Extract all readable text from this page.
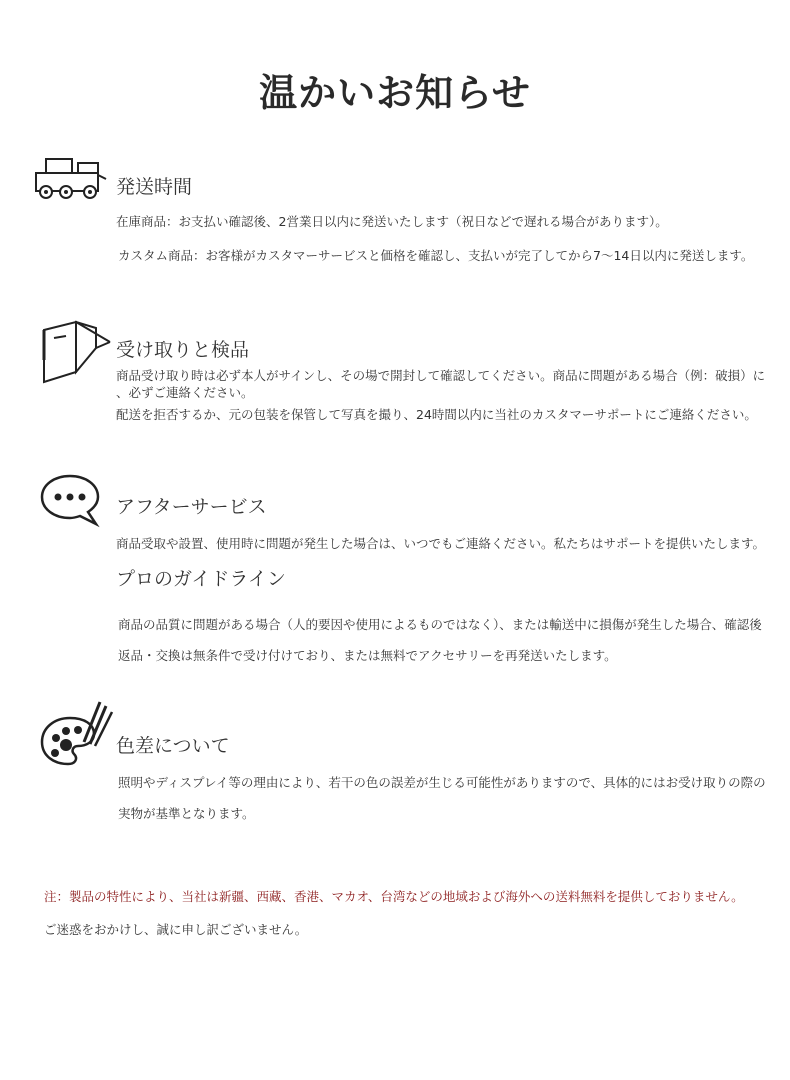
温かいお知らせ
発送時間
在庫商品：お支払い確認後、2営業日以内に発送いたします（祝日などで遅れる場合があります）。
カスタム商品：お客様がカスタマーサービスと価格を確認し、支払いが完了してから7〜14日以内に発送します。
受け取りと検品
商品受け取り時は必ず本人がサインし、その場で開封して確認してください。商品に問題がある場合（例：破損）に
、必ずご連絡ください。
配送を拒否するか、元の包装を保管して写真を撮り、24時間以内に当社のカスタマーサポートにご連絡ください。
アフターサービス
商品受取や設置、使用時に問題が発生した場合は、いつでもご連絡ください。私たちはサポートを提供いたします。
プロのガイドライン
商品の品質に問題がある場合（人的要因や使用によるものではなく）、または輸送中に損傷が発生した場合、確認後
返品・交換は無条件で受け付けており、または無料でアクセサリーを再発送いたします。
色差について
照明やディスプレイ等の理由により、若干の色の誤差が生じる可能性がありますので、具体的にはお受け取りの際の
実物が基準となります。
注：製品の特性により、当社は新疆、西藏、香港、マカオ、台湾などの地域および海外への送料無料を提供しておりません。
ご迷惑をおかけし、誠に申し訳ございません。
